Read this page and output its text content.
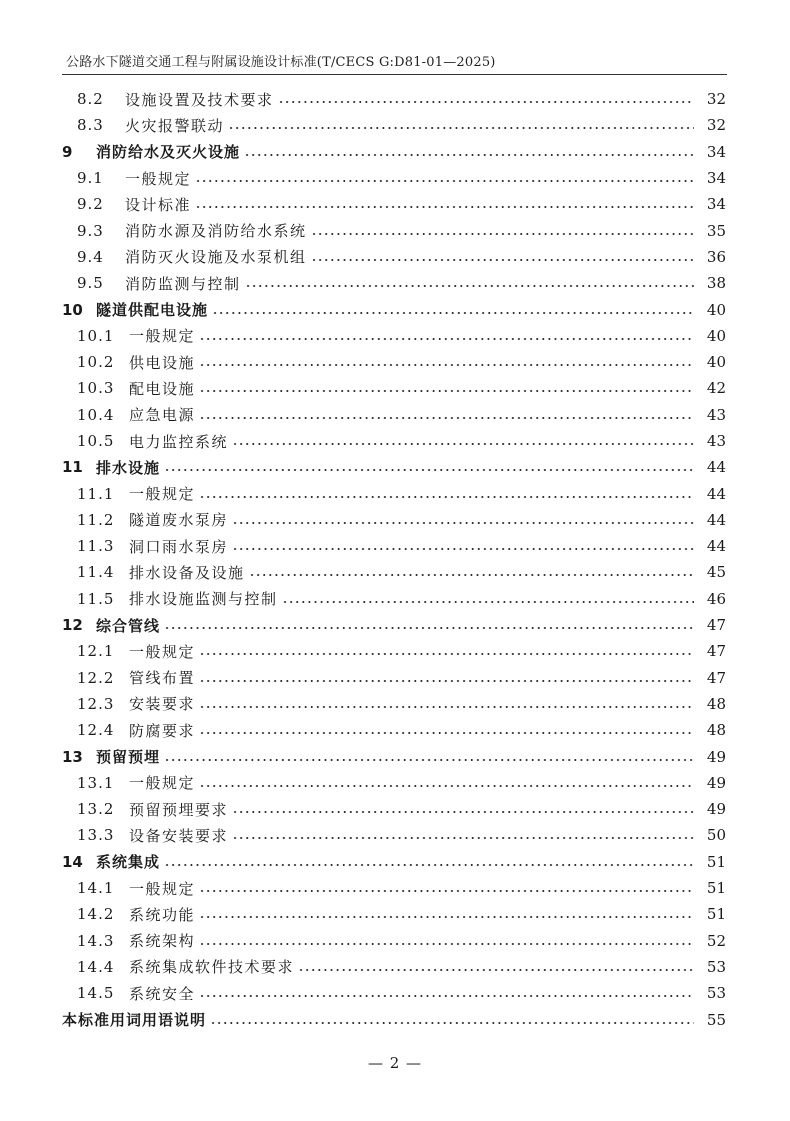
公路水下隧道交通工程与附属设施设计标准(T/CECS G:D81-01—2025)
8.2	设施设置及技术要求	32
8.3	火灾报警联动	32
9	消防给水及灭火设施	34
9.1	一般规定	34
9.2	设计标准	34
9.3	消防水源及消防给水系统	35
9.4	消防灭火设施及水泵机组	36
9.5	消防监测与控制	38
10 隧道供配电设施	40
10.1 一般规定	40
10.2 供电设施	40
10.3 配电设施	42
10.4 应急电源	43
10.5 电力监控系统	43
11 排水设施	44
11.1 一般规定	44
11.2 隧道废水泵房	44
11.3 洞口雨水泵房	44
11.4 排水设备及设施	45
11.5 排水设施监测与控制	46
12 综合管线	47
12.1 一般规定	47
12.2 管线布置	47
12.3 安装要求	48
12.4 防腐要求	48
13 预留预埋	49
13.1 一般规定	49
13.2 预留预埋要求	49
13.3 设备安装要求	50
14 系统集成	51
14.1 一般规定	51
14.2 系统功能	51
14.3 系统架构	52
14.4 系统集成软件技术要求	53
14.5 系统安全	53
本标准用词用语说明	55
— 2 —
